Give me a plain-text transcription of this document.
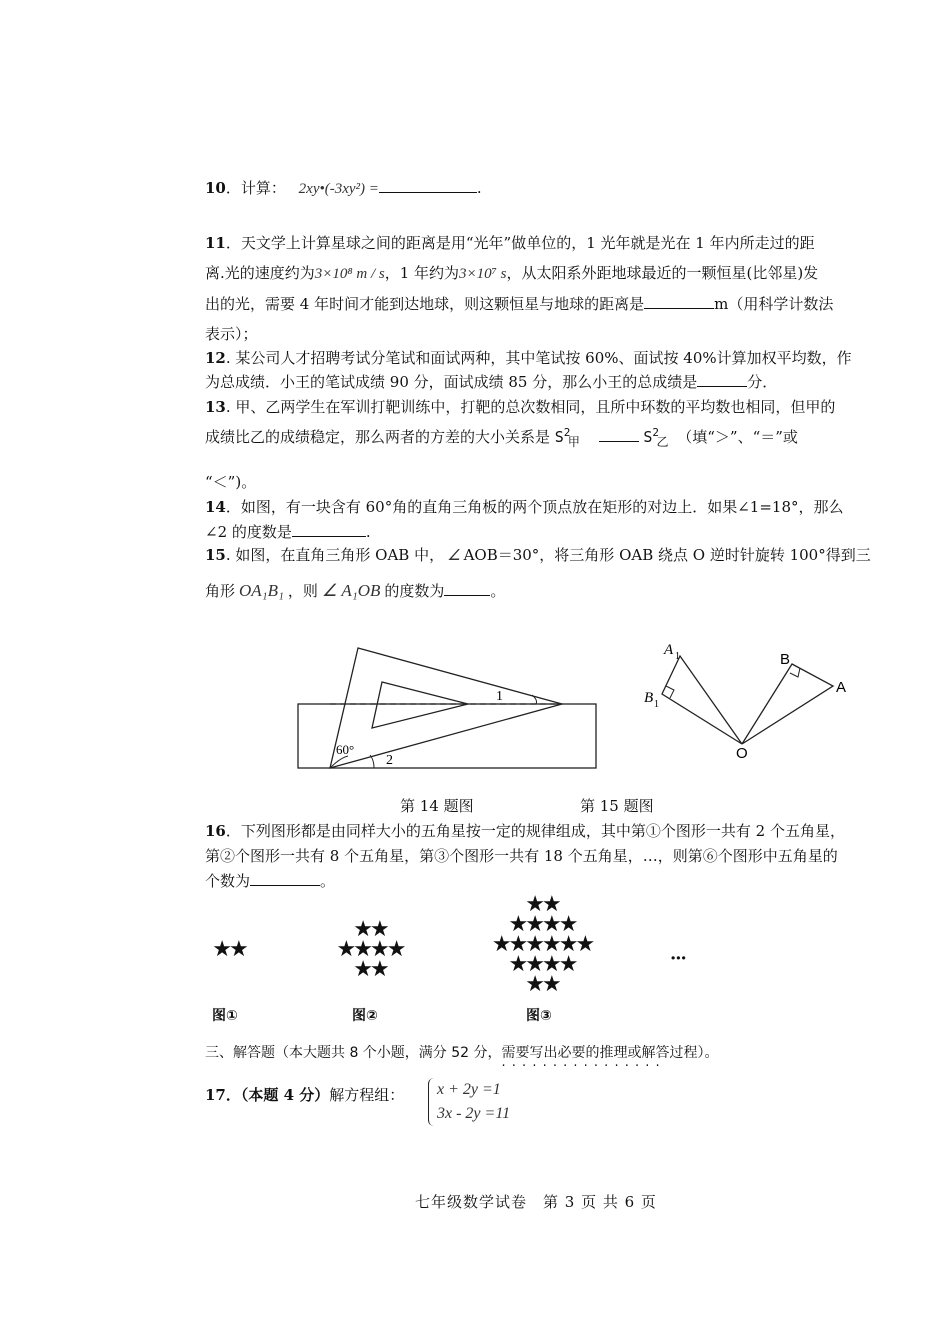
10．计算： 2xy•(-3xy²) =	.
11．天文学上计算星球之间的距离是用“光年”做单位的，1 光年就是光在 1 年内所走过的距
离.光的速度约为3×10⁸ m / s，1 年约为3×10⁷ s，从太阳系外距地球最近的一颗恒星(比邻星)发
出的光，需要 4 年时间才能到达地球，则这颗恒星与地球的距离是	m（用科学计数法
表示）；
12. 某公司人才招聘考试分笔试和面试两种，其中笔试按 60%、面试按 40%计算加权平均数，作
为总成绩．小王的笔试成绩 90 分，面试成绩 85 分，那么小王的总成绩是	分．
13. 甲、乙两学生在军训打靶训练中，打靶的总次数相同，且所中环数的平均数也相同，但甲的
成绩比乙的成绩稳定，那么两者的方差的大小关系是 S 2
$_甲$	S 2
$_乙$ （填“＞”、“＝”或
“＜”)。
14．如图，有一块含有 60°角的直角三角板的两个顶点放在矩形的对边上．如果∠1=18°，那么
∠2 的度数是	.
15. 如图，在直角三角形 OAB 中， ∠ AOB＝30°，将三角形 OAB 绕点 O 逆时针旋转 100°得到三
角形 OA₁B₁ ，则 ∠ A₁OB 的度数为	。
60°
1
2
第 14 题图
A 1
B 1
B
A
O
第 15 题图
16．下列图形都是由同样大小的五角星按一定的规律组成，其中第①个图形一共有 2 个五角星，
第②个图形一共有 8 个五角星，第③个图形一共有 18 个五角星，…，则第⑥个图形中五角星的
个数为	。
★★
★★
★★★★
★★
★★
★★★★
★★★★★★
★★★★
★★
···
图①	图②	图③
三、解答题（本大题共 8 个小题，满分 52 分，需要写出必要的推理或解答过程 · · ·）。
17．（本题 4 分）解方程组： x + 2y =1
3x - 2y =11
七年级数学试卷　第 3 页 共 6 页
